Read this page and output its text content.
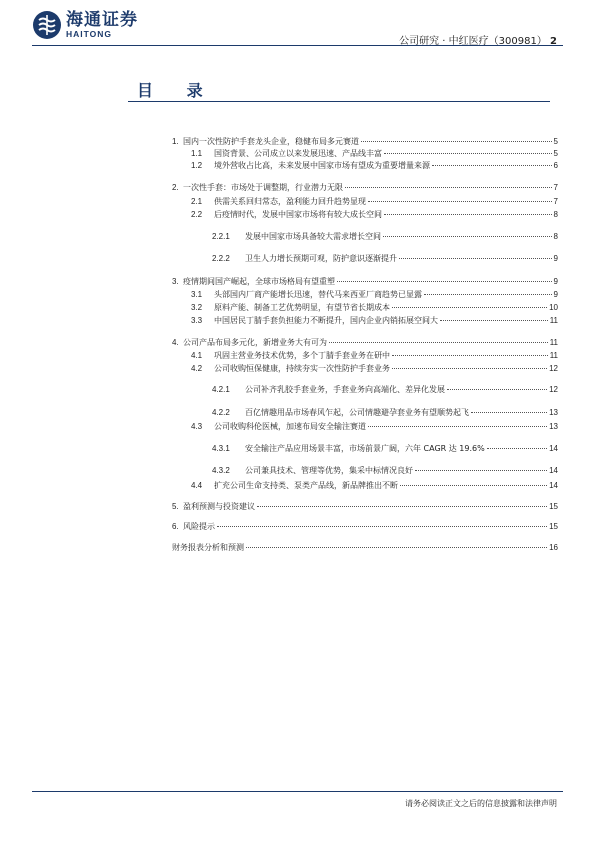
海通证券
HAITONG
公司研究 · 中红医疗（300981） 2
目 录
1. 国内一次性防护手套龙头企业，稳健布局多元赛道	5
1.1	国资背景、公司成立以来发展迅速、产品线丰富	5
1.2	境外营收占比高，未来发展中国家市场有望成为重要增量来源	6
2. 一次性手套：市场处于调整期，行业潜力无限	7
2.1	供需关系回归常态，盈利能力回升趋势显现	7
2.2	后疫情时代，发展中国家市场将有较大成长空间	8
2.2.1	发展中国家市场具备较大需求增长空间	8
2.2.2	卫生人力增长预期可观，防护意识逐渐提升	9
3. 疫情期间国产崛起，全球市场格局有望重塑	9
3.1	头部国内厂商产能增长迅速，替代马来西亚厂商趋势已显露	9
3.2	原料产能、制备工艺优势明显，有望节省长期成本	10
3.3	中国居民丁腈手套负担能力不断提升，国内企业内销拓展空间大	11
4. 公司产品布局多元化，新增业务大有可为	11
4.1	巩固主营业务技术优势，多个丁腈手套业务在研中	11
4.2	公司收购恒保健康，持续夯实一次性防护手套业务	12
4.2.1	公司补齐乳胶手套业务，手套业务向高端化、差异化发展	12
4.2.2	百亿情趣用品市场春风乍起，公司情趣避孕套业务有望顺势起飞	13
4.3	公司收购科伦医械，加速布局安全输注赛道	13
4.3.1	安全输注产品应用场景丰富，市场前景广阔，六年 CAGR 达 19.6%	14
4.3.2	公司兼具技术、管理等优势，集采中标情况良好	14
4.4	扩充公司生命支持类、泵类产品线，新品牌推出不断	14
5. 盈利预测与投资建议	15
6. 风险提示	15
财务报表分析和预测	16
请务必阅读正文之后的信息披露和法律声明
